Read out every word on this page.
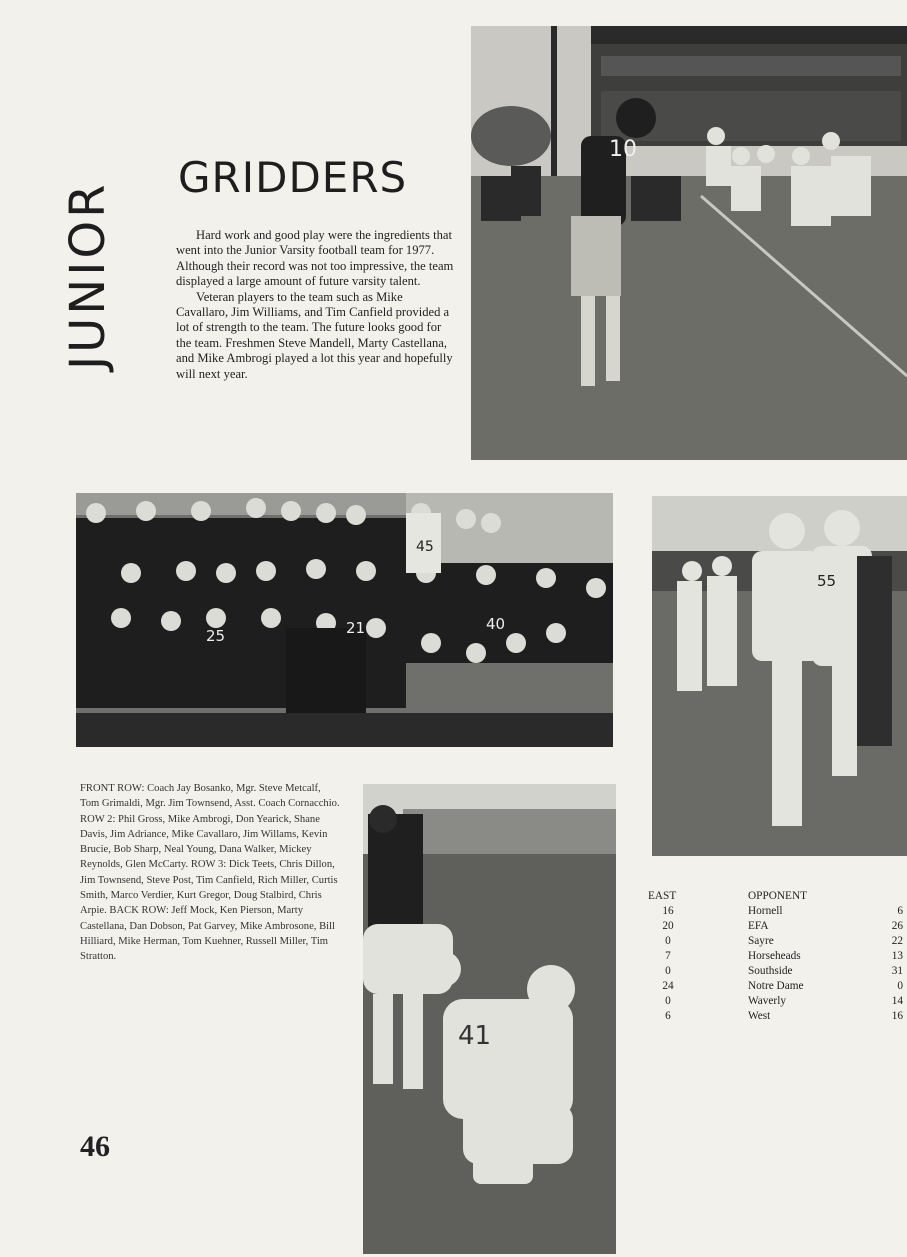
JUNIOR
GRIDDERS

Hard work and good play were the ingredients that went into the Junior Varsity football team for 1977. Although their record was not too impressive, the team displayed a large amount of future varsity talent.

Veteran players to the team such as Mike Cavallaro, Jim Williams, and Tim Canfield provided a lot of strength to the team. The future looks good for the team. Freshmen Steve Mandell, Marty Castellana, and Mike Ambrogi played a lot this year and hopefully will next year.

10
45
25	21	40
55
41
FRONT ROW: Coach Jay Bosanko, Mgr. Steve Metcalf, Tom Grimaldi, Mgr. Jim Townsend, Asst. Coach Cornacchio. ROW 2: Phil Gross, Mike Ambrogi, Don Yearick, Shane Davis, Jim Adriance, Mike Cavallaro, Jim Willams, Kevin Brucie, Bob Sharp, Neal Young, Dana Walker, Mickey Reynolds, Glen McCarty. ROW 3: Dick Teets, Chris Dillon, Jim Townsend, Steve Post, Tim Canfield, Rich Miller, Curtis Smith, Marco Verdier, Kurt Gregor, Doug Stalbird, Chris Arpie. BACK ROW: Jeff Mock, Ken Pierson, Marty Castellana, Dan Dobson, Pat Garvey, Mike Ambrosone, Bill Hilliard, Mike Herman, Tom Kuehner, Russell Miller, Tim Stratton.
46
EAST	OPPONENT
16	Hornell	6
20	EFA	26
0	Sayre	22
7	Horseheads	13
0	Southside	31
24	Notre Dame	0
0	Waverly	14
6	West	16
